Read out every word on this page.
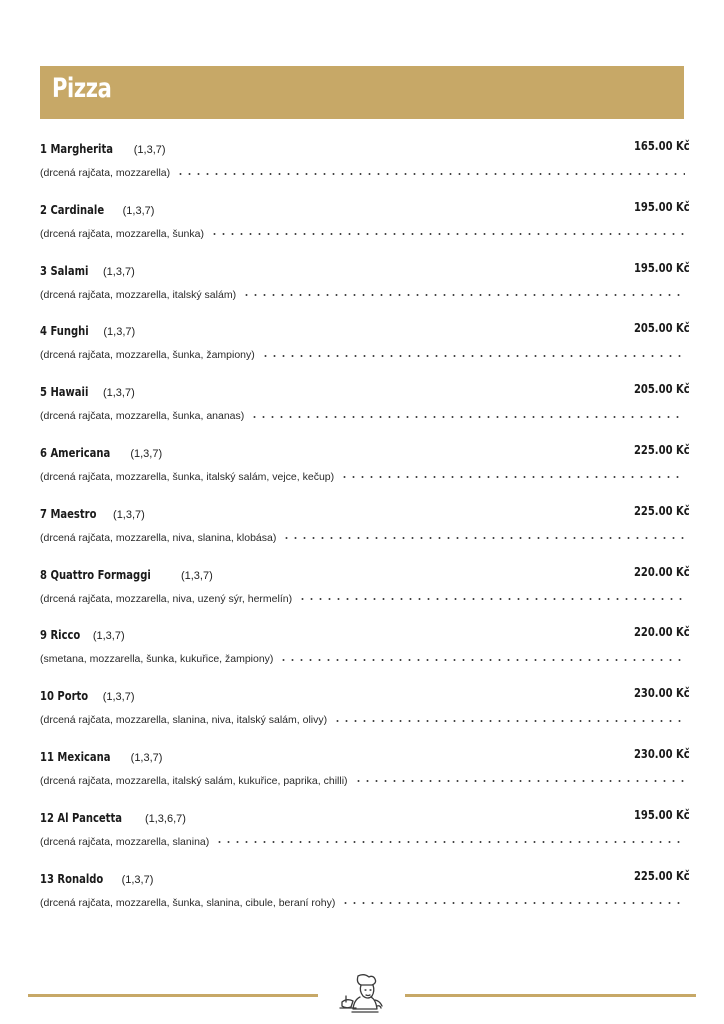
Pizza
1 Margherita (1,3,7)	165.00 Kč
(drcená rajčata, mozzarella)
2 Cardinale (1,3,7)	195.00 Kč
(drcená rajčata, mozzarella, šunka)
3 Salami (1,3,7)	195.00 Kč
(drcená rajčata, mozzarella, italský salám)
4 Funghi (1,3,7)	205.00 Kč
(drcená rajčata, mozzarella, šunka, žampiony)
5 Hawaii (1,3,7)	205.00 Kč
(drcená rajčata, mozzarella, šunka, ananas)
6 Americana (1,3,7)	225.00 Kč
(drcená rajčata, mozzarella, šunka, italský salám, vejce, kečup)
7 Maestro (1,3,7)	225.00 Kč
(drcená rajčata, mozzarella, niva, slanina, klobása)
8 Quattro Formaggi	(1,3,7)	220.00 Kč
(drcená rajčata, mozzarella, niva, uzený sýr, hermelín)
9 Ricco (1,3,7)	220.00 Kč
(smetana, mozzarella, šunka, kukuřice, žampiony)
10 Porto (1,3,7)	230.00 Kč
(drcená rajčata, mozzarella, slanina, niva, italský salám, olivy)
11 Mexicana (1,3,7)	230.00 Kč
(drcená rajčata, mozzarella, italský salám, kukuřice, paprika, chilli)
12 Al Pancetta (1,3,6,7)	195.00 Kč
(drcená rajčata, mozzarella, slanina)
13 Ronaldo (1,3,7)	225.00 Kč
(drcená rajčata, mozzarella, šunka, slanina, cibule, beraní rohy)
